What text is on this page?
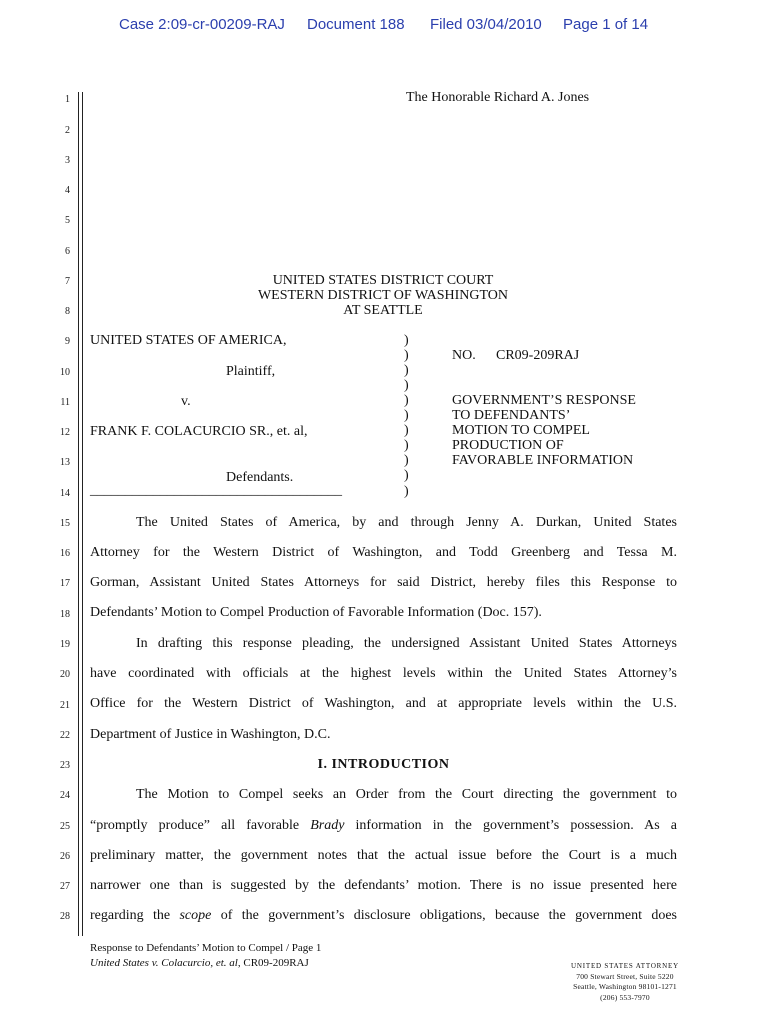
Case 2:09-cr-00209-RAJ Document 188 Filed 03/04/2010 Page 1 of 14
1
2
3
4
5
6
7
8
9
10
11
12
13
14
15
16
17
18
19
20
21
22
23
24
25
26
27
28
The Honorable Richard A. Jones
UNITED STATES DISTRICT COURT
WESTERN DISTRICT OF WASHINGTON
AT SEATTLE
UNITED STATES OF AMERICA,
Plaintiff,
v.
FRANK F. COLACURCIO SR., et. al,
Defendants.
____________________________________
)
)
)
)
)
)
)
)
)
)
)
NO. CR09-209RAJ
GOVERNMENT’S RESPONSE
TO DEFENDANTS’
MOTION TO COMPEL
PRODUCTION OF
FAVORABLE INFORMATION
The United States of America, by and through Jenny A. Durkan, United States
Attorney for the Western District of Washington, and Todd Greenberg and Tessa M.
Gorman, Assistant United States Attorneys for said District, hereby files this Response to
Defendants’ Motion to Compel Production of Favorable Information (Doc. 157).
In drafting this response pleading, the undersigned Assistant United States Attorneys
have coordinated with officials at the highest levels within the United States Attorney’s
Office for the Western District of Washington, and at appropriate levels within the U.S.
Department of Justice in Washington, D.C.
I. INTRODUCTION
The Motion to Compel seeks an Order from the Court directing the government to
“promptly produce” all favorable Brady information in the government’s possession. As a
preliminary matter, the government notes that the actual issue before the Court is a much
narrower one than is suggested by the defendants’ motion. There is no issue presented here
regarding the scope of the government’s disclosure obligations, because the government does
Response to Defendants’ Motion to Compel / Page 1
United States v. Colacurcio, et. al, CR09-209RAJ	UNITED STATES ATTORNEY
700 Stewart Street, Suite 5220
Seattle, Washington 98101-1271
(206) 553-7970
